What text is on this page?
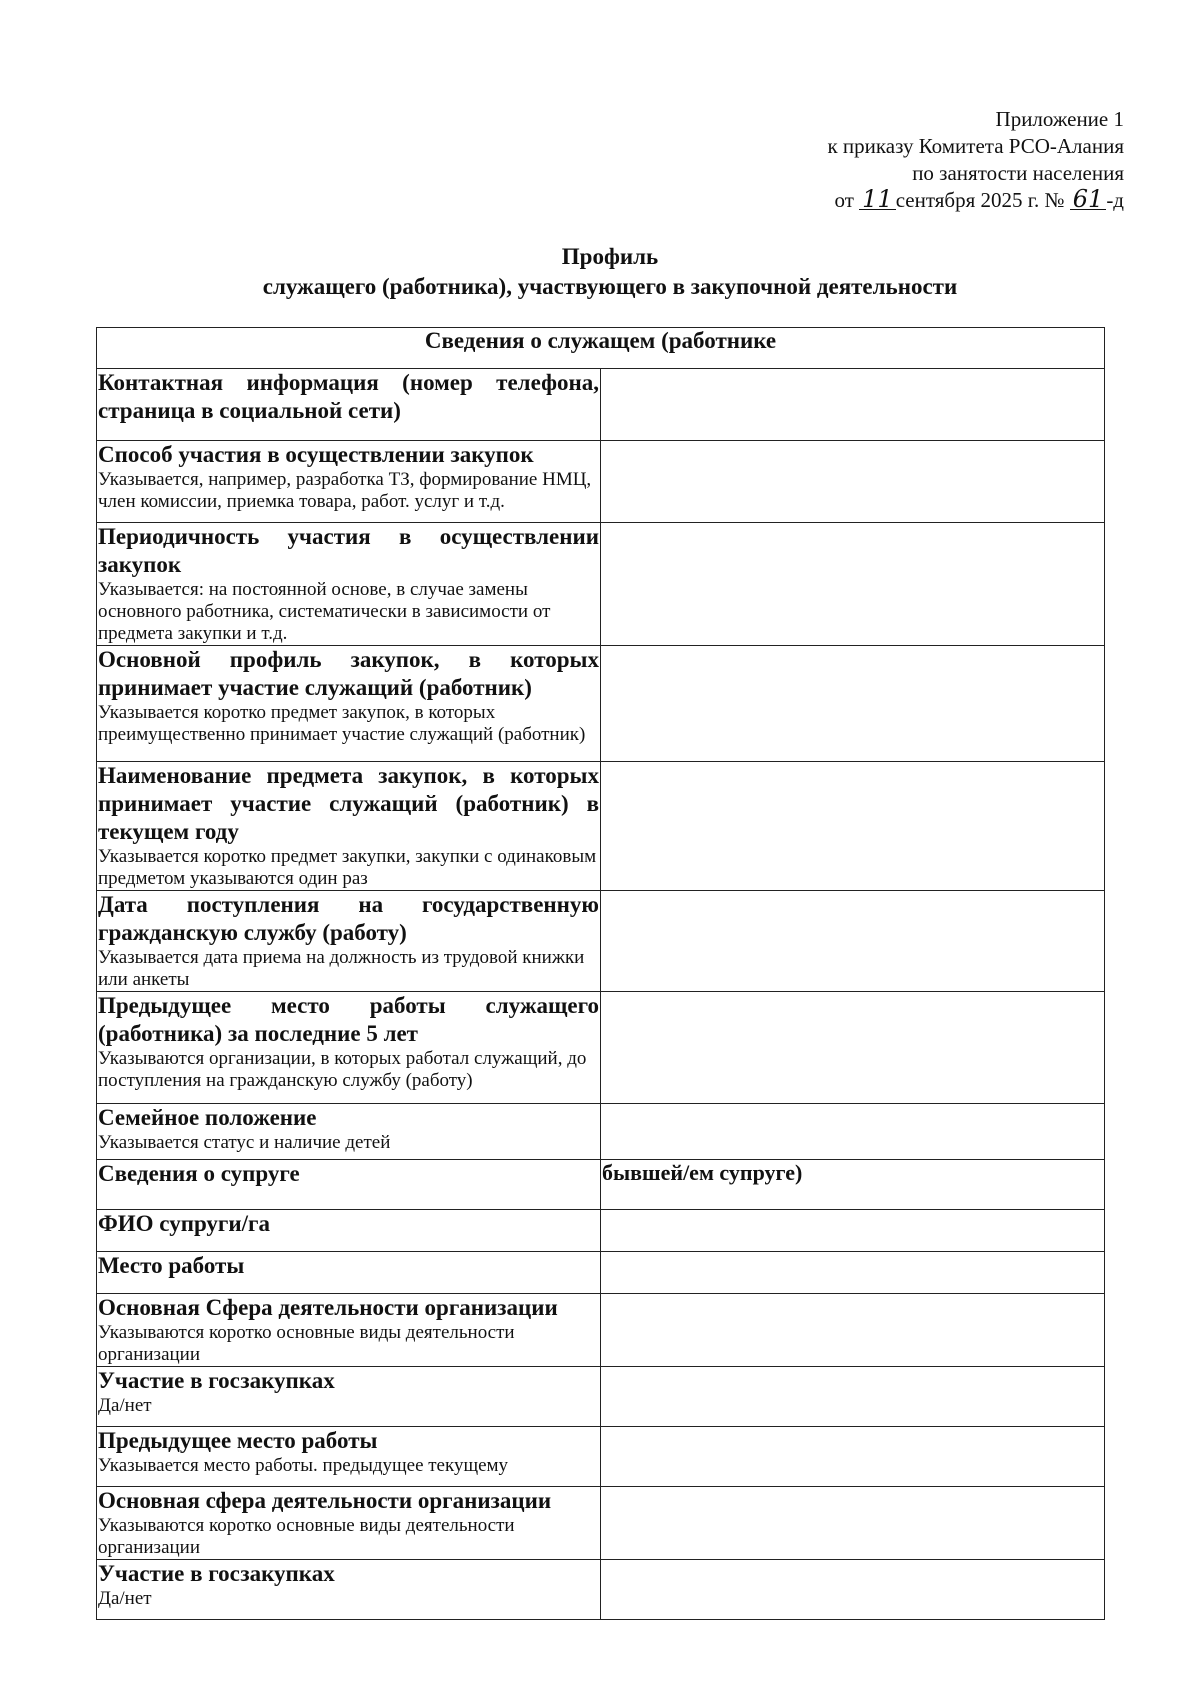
Приложение 1
к приказу Комитета РСО-Алания
по занятости населения
от 11 сентября 2025 г. № 61 -д
Профиль
служащего (работника), участвующего в закупочной деятельности
Сведения о служащем (работнике	

Контактная информация (номер телефона, страница в социальной сети)	

Способ участия в осуществлении закупок
Указывается, например, разработка ТЗ, формирование НМЦ, член комиссии, приемка товара, работ. услуг и т.д.	

Периодичность участия в осуществлении закупок
Указывается: на постоянной основе, в случае замены основного работника, систематически в зависимости от предмета закупки и т.д.	

Основной профиль закупок, в которых принимает участие служащий (работник)
Указывается коротко предмет закупок, в которых преимущественно принимает участие служащий (работник)	

Наименование предмета закупок, в которых принимает участие служащий (работник) в текущем году
Указывается коротко предмет закупки, закупки с одинаковым предметом указываются один раз	

Дата поступления на государственную гражданскую службу (работу)
Указывается дата приема на должность из трудовой книжки или анкеты	

Предыдущее место работы служащего (работника) за последние 5 лет
Указываются организации, в которых работал служащий, до поступления на гражданскую службу (работу)	

Семейное положение
Указывается статус и наличие детей	

Сведения о супруге	бывшей/ем супруге)

ФИО супруги/га	

Место работы	

Основная Сфера деятельности организации
Указываются коротко основные виды деятельности организации	

Участие в госзакупках
Да/нет	

Предыдущее место работы
Указывается место работы. предыдущее текущему	

Основная сфера деятельности организации
Указываются коротко основные виды деятельности организации	

Участие в госзакупках
Да/нет	
